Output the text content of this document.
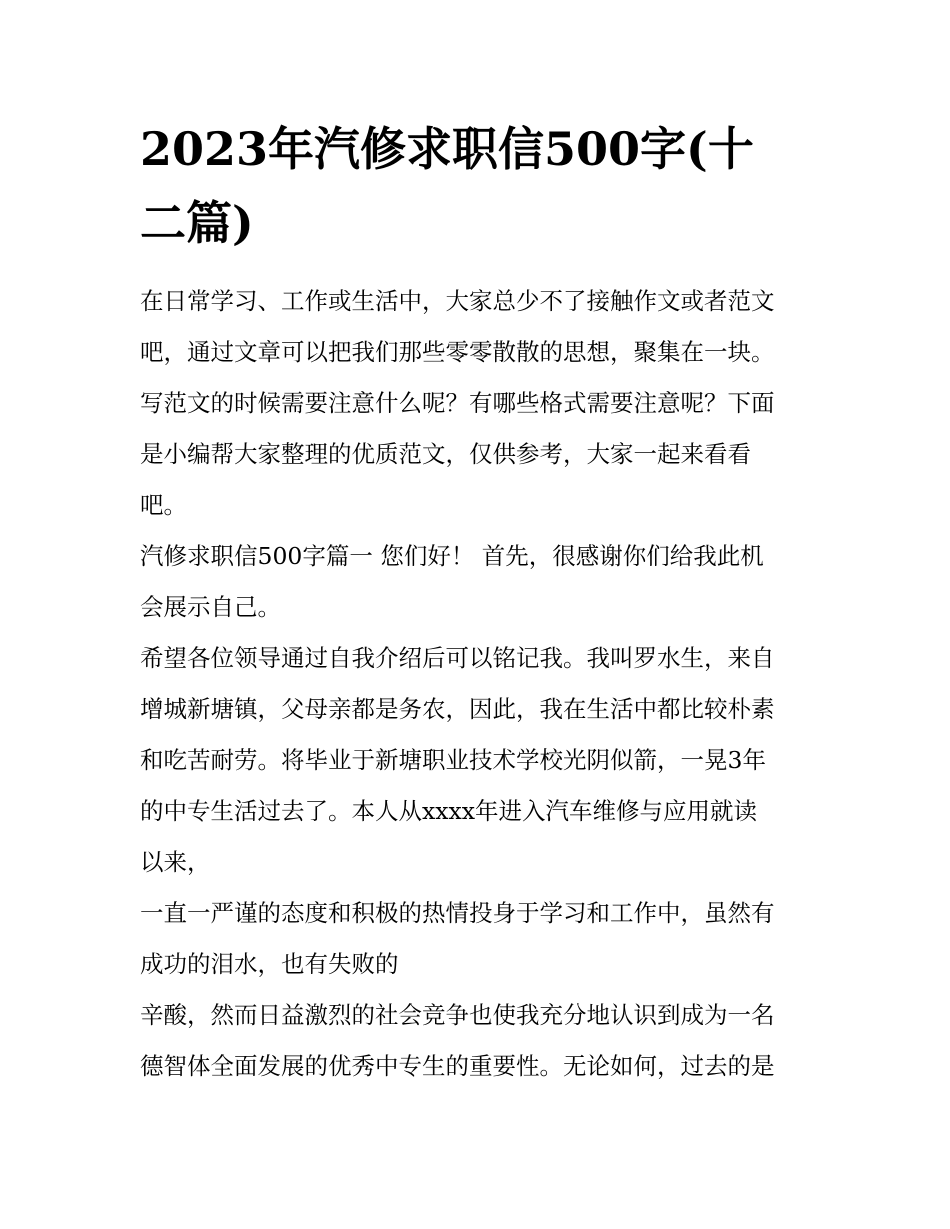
2023年汽修求职信500字(十
二篇)
在日常学习、工作或生活中，大家总少不了接触作文或者范文
吧，通过文章可以把我们那些零零散散的思想，聚集在一块。
写范文的时候需要注意什么呢？有哪些格式需要注意呢？下面
是小编帮大家整理的优质范文，仅供参考，大家一起来看看
吧。
汽修求职信500字篇一 您们好！ 首先，很感谢你们给我此机
会展示自己。
希望各位领导通过自我介绍后可以铭记我。我叫罗水生，来自
增城新塘镇，父母亲都是务农，因此，我在生活中都比较朴素
和吃苦耐劳。将毕业于新塘职业技术学校光阴似箭，一晃3年
的中专生活过去了。本人从xxxx年进入汽车维修与应用就读
以来，
一直一严谨的态度和积极的热情投身于学习和工作中，虽然有
成功的泪水，也有失败的
辛酸，然而日益激烈的社会竞争也使我充分地认识到成为一名
德智体全面发展的优秀中专生的重要性。无论如何，过去的是
